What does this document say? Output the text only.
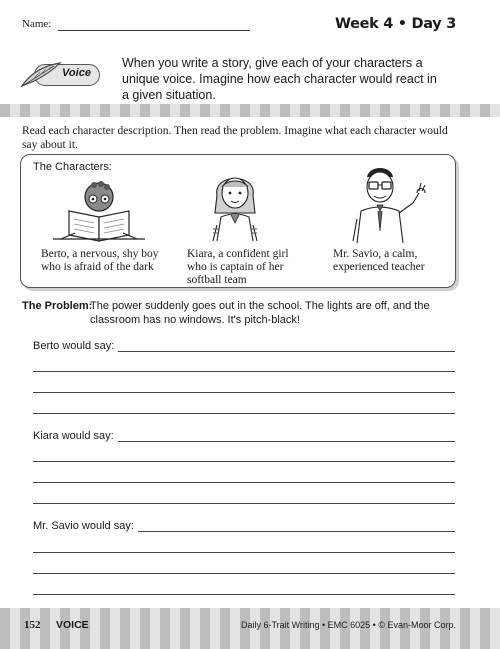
Name:	Week 4 • Day 3
Voice
When you write a story, give each of your characters a unique voice. Imagine how each character would react in a given situation.
Read each character description. Then read the problem. Imagine what each character would say about it.
The Characters:
Berto, a nervous, shy boy who is afraid of the dark
Kiara, a confident girl who is captain of her softball team
Mr. Savio, a calm, experienced teacher
The Problem:
The power suddenly goes out in the school. The lights are off, and the classroom has no windows. It's pitch-black!
Berto would say:
Kiara would say:
Mr. Savio would say:
152 VOICE	Daily 6-Trait Writing • EMC 6025 • © Evan-Moor Corp.
